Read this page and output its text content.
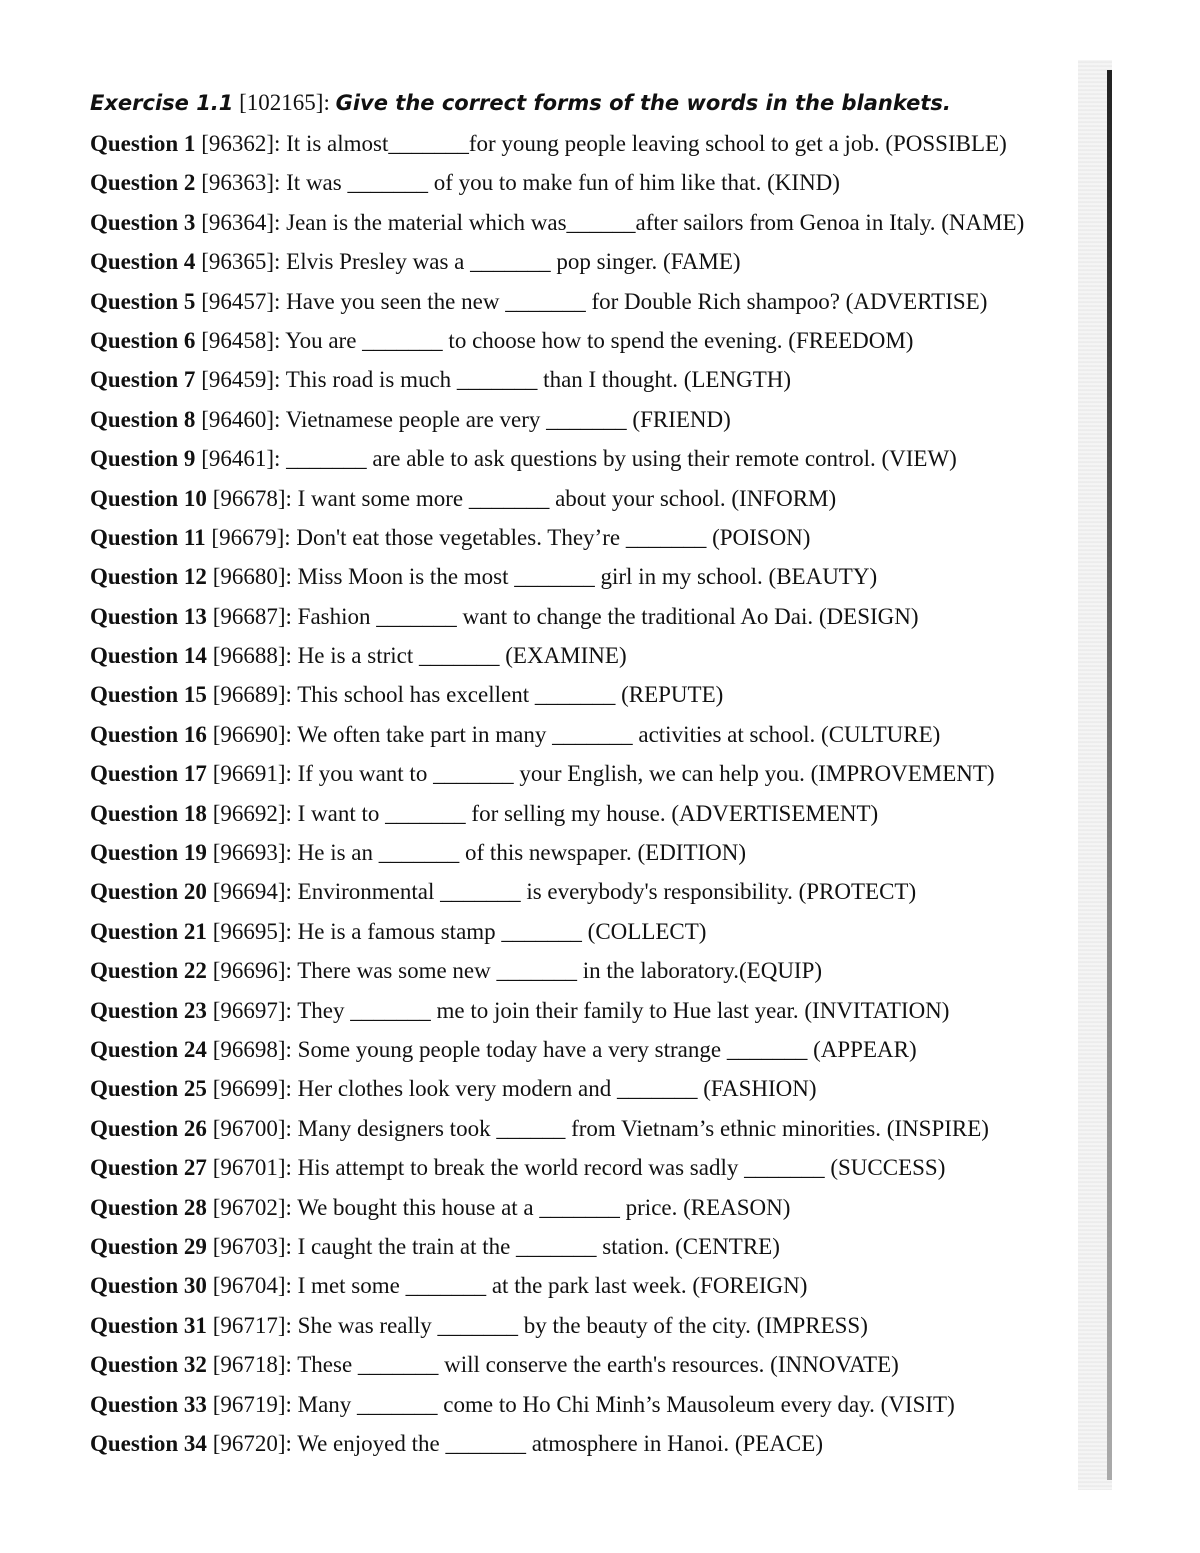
Exercise 1.1 [102165]: Give the correct forms of the words in the blankets.
Question 1 [96362]: It is almost_______for young people leaving school to get a job. (POSSIBLE)
Question 2 [96363]: It was _______ of you to make fun of him like that. (KIND)
Question 3 [96364]: Jean is the material which was______after sailors from Genoa in Italy. (NAME)
Question 4 [96365]: Elvis Presley was a _______ pop singer. (FAME)
Question 5 [96457]: Have you seen the new _______ for Double Rich shampoo? (ADVERTISE)
Question 6 [96458]: You are _______ to choose how to spend the evening. (FREEDOM)
Question 7 [96459]: This road is much _______ than I thought. (LENGTH)
Question 8 [96460]: Vietnamese people are very _______ (FRIEND)
Question 9 [96461]: _______ are able to ask questions by using their remote control. (VIEW)
Question 10 [96678]: I want some more _______ about your school. (INFORM)
Question 11 [96679]: Don't eat those vegetables. They’re _______ (POISON)
Question 12 [96680]: Miss Moon is the most _______ girl in my school. (BEAUTY)
Question 13 [96687]: Fashion _______ want to change the traditional Ao Dai. (DESIGN)
Question 14 [96688]: He is a strict _______ (EXAMINE)
Question 15 [96689]: This school has excellent _______ (REPUTE)
Question 16 [96690]: We often take part in many _______ activities at school. (CULTURE)
Question 17 [96691]: If you want to _______ your English, we can help you. (IMPROVEMENT)
Question 18 [96692]: I want to _______ for selling my house. (ADVERTISEMENT)
Question 19 [96693]: He is an _______ of this newspaper. (EDITION)
Question 20 [96694]: Environmental _______ is everybody's responsibility. (PROTECT)
Question 21 [96695]: He is a famous stamp _______ (COLLECT)
Question 22 [96696]: There was some new _______ in the laboratory.(EQUIP)
Question 23 [96697]: They _______ me to join their family to Hue last year. (INVITATION)
Question 24 [96698]: Some young people today have a very strange _______ (APPEAR)
Question 25 [96699]: Her clothes look very modern and _______ (FASHION)
Question 26 [96700]: Many designers took ______ from Vietnam’s ethnic minorities. (INSPIRE)
Question 27 [96701]: His attempt to break the world record was sadly _______ (SUCCESS)
Question 28 [96702]: We bought this house at a _______ price. (REASON)
Question 29 [96703]: I caught the train at the _______ station. (CENTRE)
Question 30 [96704]: I met some _______ at the park last week. (FOREIGN)
Question 31 [96717]: She was really _______ by the beauty of the city. (IMPRESS)
Question 32 [96718]: These _______ will conserve the earth's resources. (INNOVATE)
Question 33 [96719]: Many _______ come to Ho Chi Minh’s Mausoleum every day. (VISIT)
Question 34 [96720]: We enjoyed the _______ atmosphere in Hanoi. (PEACE)
